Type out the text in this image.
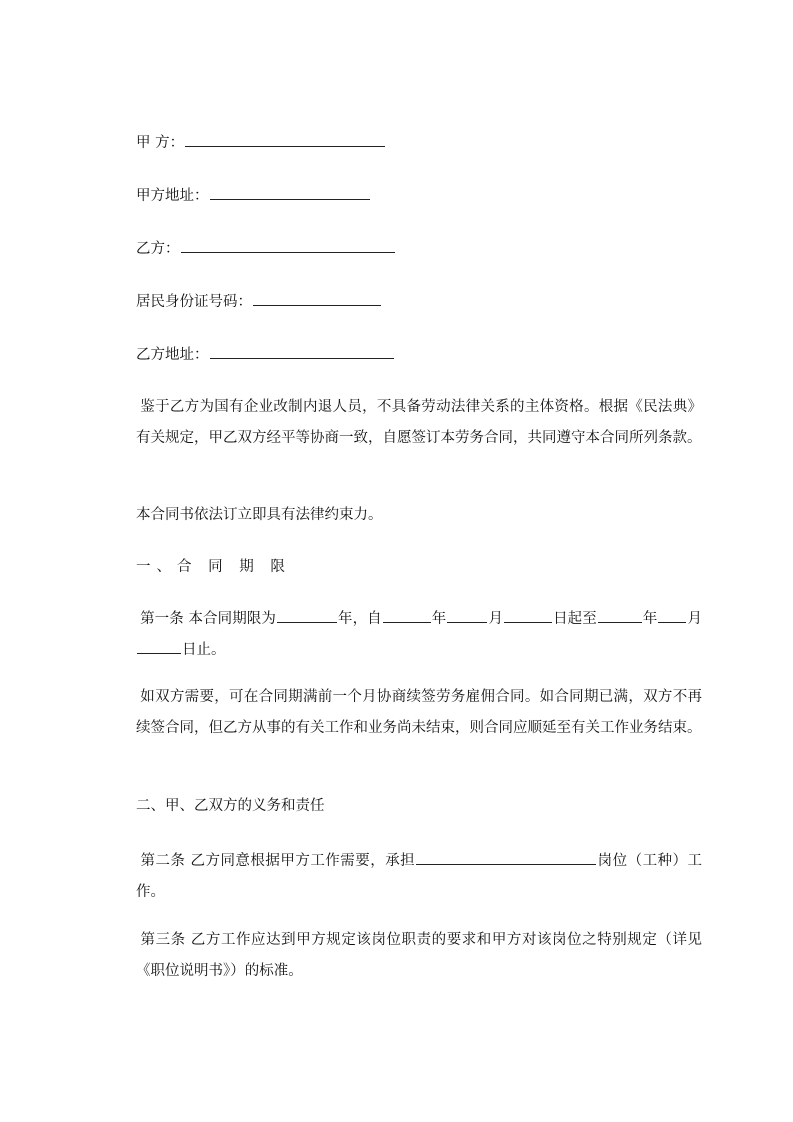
甲 方：
甲方地址：
乙方：
居民身份证号码：
乙方地址：
鉴于乙方为国有企业改制内退人员，不具备劳动法律关系的主体资格。根据《民法典》 有关规定，甲乙双方经平等协商一致，自愿签订本劳务合同，共同遵守本合同所列条款。
本合同书依法订立即具有法律约束力。
一、合 同 期 限
第一条 本合同期限为	年，自	年	月	日起至	年 月日止。
如双方需要，可在合同期满前一个月协商续签劳务雇佣合同。如合同期已满，双方不再续签合同，但乙方从事的有关工作和业务尚未结束，则合同应顺延至有关工作业务结束。
二、甲、乙双方的义务和责任
第二条 乙方同意根据甲方工作需要，承担	岗位（工种）工作。
第三条 乙方工作应达到甲方规定该岗位职责的要求和甲方对该岗位之特别规定（详见《职位说明书》）的标准。
